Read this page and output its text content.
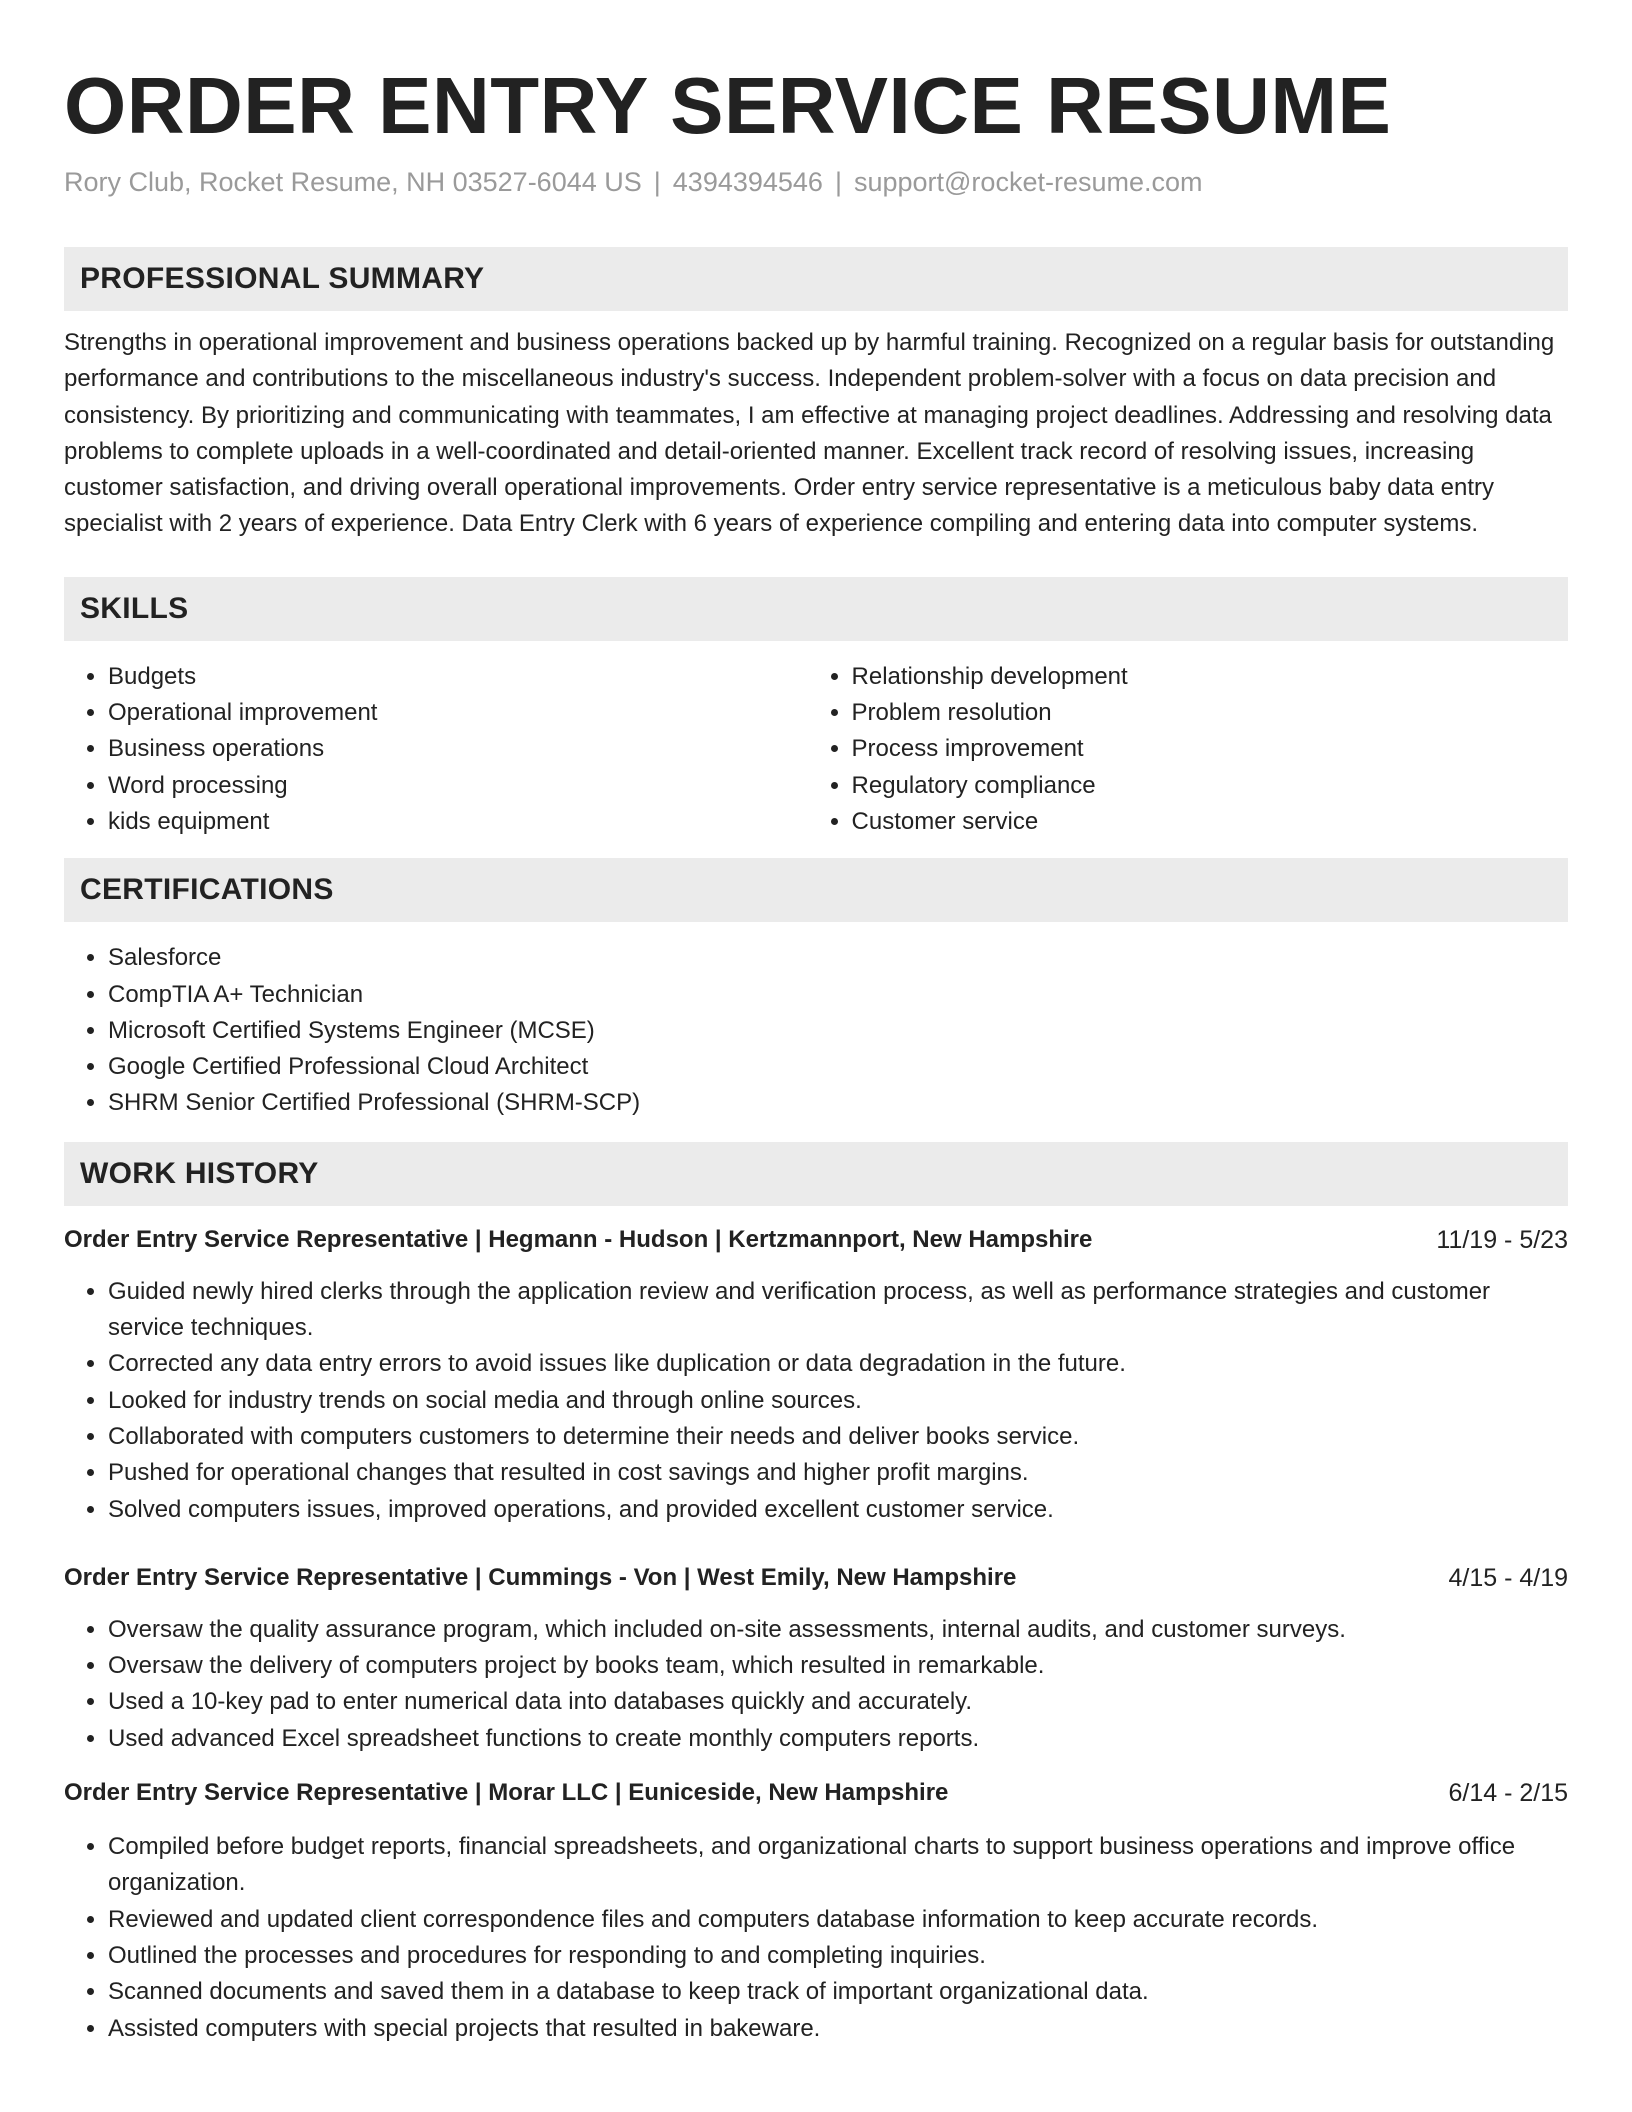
ORDER ENTRY SERVICE RESUME
Rory Club, Rocket Resume, NH 03527-6044 US | 4394394546 | support@rocket-resume.com
PROFESSIONAL SUMMARY

Strengths in operational improvement and business operations backed up by harmful training. Recognized on a regular basis for outstanding performance and contributions to the miscellaneous industry's success. Independent problem-solver with a focus on data precision and consistency. By prioritizing and communicating with teammates, I am effective at managing project deadlines. Addressing and resolving data problems to complete uploads in a well-coordinated and detail-oriented manner. Excellent track record of resolving issues, increasing customer satisfaction, and driving overall operational improvements. Order entry service representative is a meticulous baby data entry specialist with 2 years of experience. Data Entry Clerk with 6 years of experience compiling and entering data into computer systems.

SKILLS
• Budgets
• Operational improvement
• Business operations
• Word processing
• kids equipment
• Relationship development
• Problem resolution
• Process improvement
• Regulatory compliance
• Customer service
CERTIFICATIONS
• Salesforce
• CompTIA A+ Technician
• Microsoft Certified Systems Engineer (MCSE)
• Google Certified Professional Cloud Architect
• SHRM Senior Certified Professional (SHRM-SCP)
WORK HISTORY
Order Entry Service Representative | Hegmann - Hudson | Kertzmannport, New Hampshire	11/19 - 5/23
• Guided newly hired clerks through the application review and verification process, as well as performance strategies and customer service techniques.
• Corrected any data entry errors to avoid issues like duplication or data degradation in the future.
• Looked for industry trends on social media and through online sources.
• Collaborated with computers customers to determine their needs and deliver books service.
• Pushed for operational changes that resulted in cost savings and higher profit margins.
• Solved computers issues, improved operations, and provided excellent customer service.
Order Entry Service Representative | Cummings - Von | West Emily, New Hampshire	4/15 - 4/19
• Oversaw the quality assurance program, which included on-site assessments, internal audits, and customer surveys.
• Oversaw the delivery of computers project by books team, which resulted in remarkable.
• Used a 10-key pad to enter numerical data into databases quickly and accurately.
• Used advanced Excel spreadsheet functions to create monthly computers reports.
Order Entry Service Representative | Morar LLC | Euniceside, New Hampshire	6/14 - 2/15
• Compiled before budget reports, financial spreadsheets, and organizational charts to support business operations and improve office organization.
• Reviewed and updated client correspondence files and computers database information to keep accurate records.
• Outlined the processes and procedures for responding to and completing inquiries.
• Scanned documents and saved them in a database to keep track of important organizational data.
• Assisted computers with special projects that resulted in bakeware.
